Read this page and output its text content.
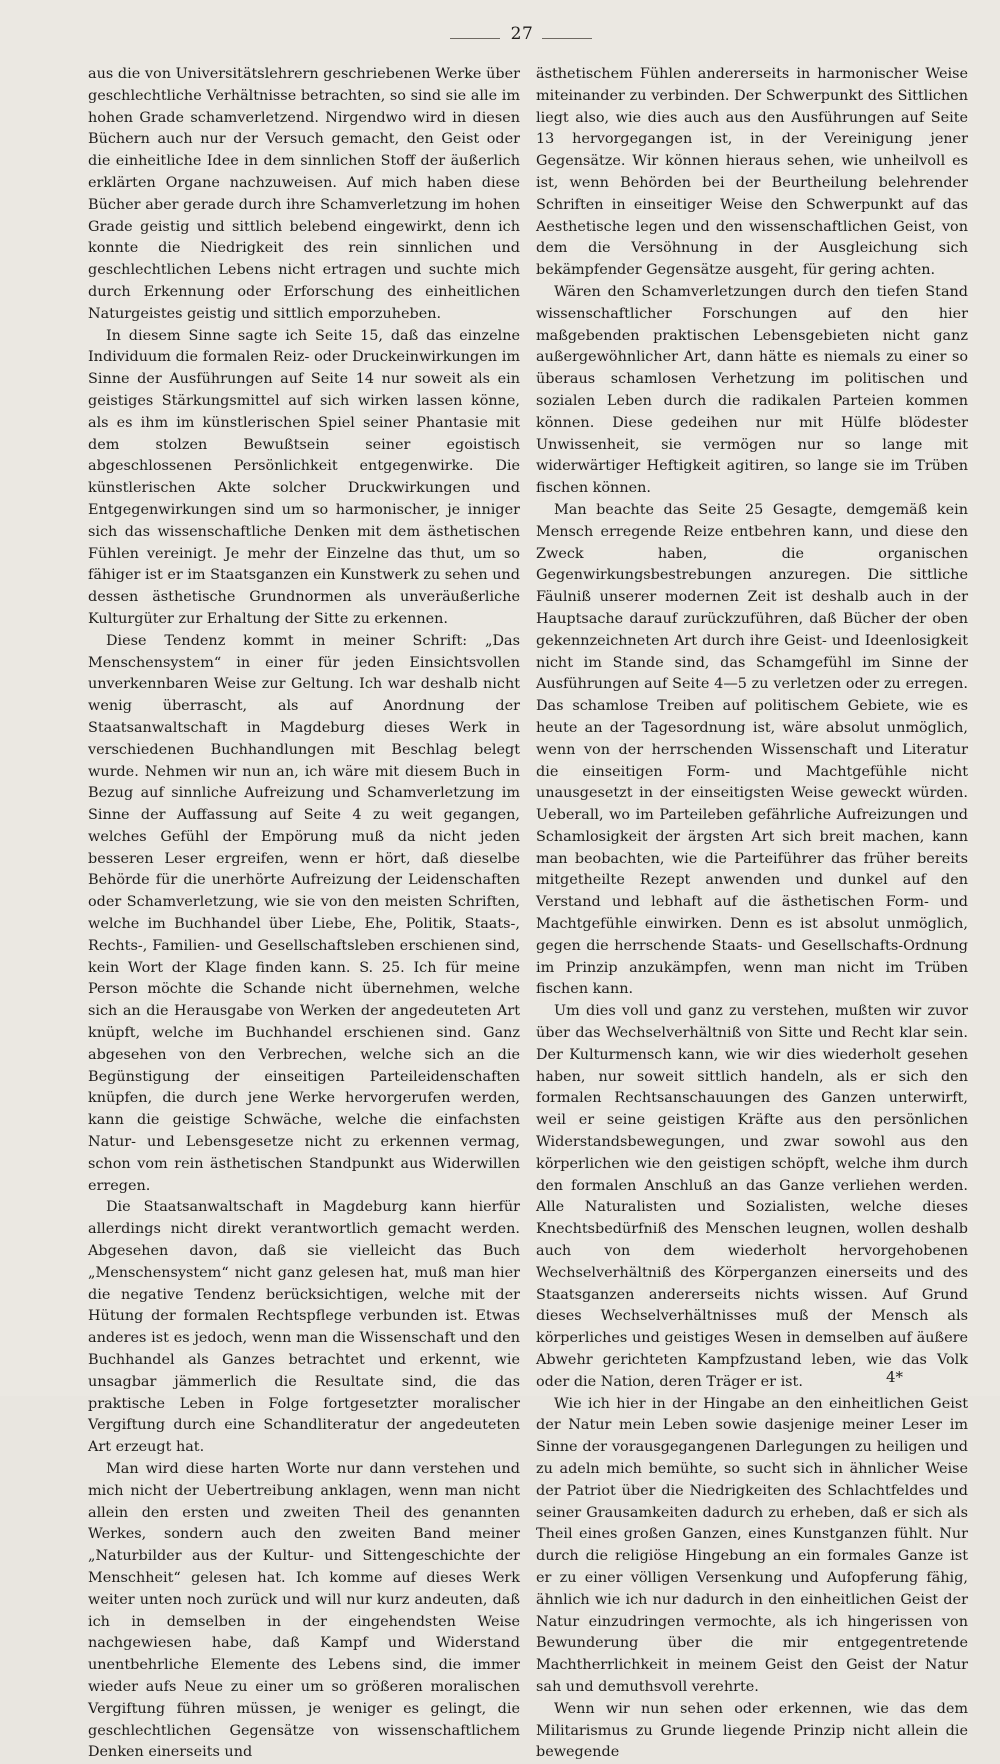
27

aus die von Universitätslehrern geschriebenen Werke über geschlechtliche Verhältnisse betrachten, so sind sie alle im hohen Grade schamverletzend. Nirgendwo wird in diesen Büchern auch nur der Versuch gemacht, den Geist oder die einheitliche Idee in dem sinnlichen Stoff der äußerlich erklärten Organe nachzuweisen. Auf mich haben diese Bücher aber gerade durch ihre Schamverletzung im hohen Grade geistig und sittlich belebend eingewirkt, denn ich konnte die Niedrigkeit des rein sinnlichen und geschlechtlichen Lebens nicht ertragen und suchte mich durch Erkennung oder Erforschung des einheitlichen Naturgeistes geistig und sittlich emporzuheben.

In diesem Sinne sagte ich Seite 15, daß das einzelne Individuum die formalen Reiz- oder Druckeinwirkungen im Sinne der Ausführungen auf Seite 14 nur soweit als ein geistiges Stärkungsmittel auf sich wirken lassen könne, als es ihm im künstlerischen Spiel seiner Phantasie mit dem stolzen Bewußtsein seiner egoistisch abgeschlossenen Persönlichkeit entgegenwirke. Die künstlerischen Akte solcher Druckwirkungen und Entgegenwirkungen sind um so harmonischer, je inniger sich das wissenschaftliche Denken mit dem ästhetischen Fühlen vereinigt. Je mehr der Einzelne das thut, um so fähiger ist er im Staatsganzen ein Kunstwerk zu sehen und dessen ästhetische Grundnormen als unveräußerliche Kulturgüter zur Erhaltung der Sitte zu erkennen.

Diese Tendenz kommt in meiner Schrift: „Das Menschensystem“ in einer für jeden Einsichtsvollen unverkennbaren Weise zur Geltung. Ich war deshalb nicht wenig überrascht, als auf Anordnung der Staatsanwaltschaft in Magdeburg dieses Werk in verschiedenen Buchhandlungen mit Beschlag belegt wurde. Nehmen wir nun an, ich wäre mit diesem Buch in Bezug auf sinnliche Aufreizung und Schamverletzung im Sinne der Auffassung auf Seite 4 zu weit gegangen, welches Gefühl der Empörung muß da nicht jeden besseren Leser ergreifen, wenn er hört, daß dieselbe Behörde für die unerhörte Aufreizung der Leidenschaften oder Schamverletzung, wie sie von den meisten Schriften, welche im Buchhandel über Liebe, Ehe, Politik, Staats-, Rechts-, Familien- und Gesellschaftsleben erschienen sind, kein Wort der Klage finden kann. S. 25. Ich für meine Person möchte die Schande nicht übernehmen, welche sich an die Herausgabe von Werken der angedeuteten Art knüpft, welche im Buchhandel erschienen sind. Ganz abgesehen von den Verbrechen, welche sich an die Begünstigung der einseitigen Parteileidenschaften knüpfen, die durch jene Werke hervorgerufen werden, kann die geistige Schwäche, welche die einfachsten Natur- und Lebensgesetze nicht zu erkennen vermag, schon vom rein ästhetischen Standpunkt aus Widerwillen erregen.

Die Staatsanwaltschaft in Magdeburg kann hierfür allerdings nicht direkt verantwortlich gemacht werden. Abgesehen davon, daß sie vielleicht das Buch „Menschensystem“ nicht ganz gelesen hat, muß man hier die negative Tendenz berücksichtigen, welche mit der Hütung der formalen Rechtspflege verbunden ist. Etwas anderes ist es jedoch, wenn man die Wissenschaft und den Buchhandel als Ganzes betrachtet und erkennt, wie unsagbar jämmerlich die Resultate sind, die das praktische Leben in Folge fortgesetzter moralischer Vergiftung durch eine Schandliteratur der angedeuteten Art erzeugt hat.

Man wird diese harten Worte nur dann verstehen und mich nicht der Uebertreibung anklagen, wenn man nicht allein den ersten und zweiten Theil des genannten Werkes, sondern auch den zweiten Band meiner „Naturbilder aus der Kultur- und Sittengeschichte der Menschheit“ gelesen hat. Ich komme auf dieses Werk weiter unten noch zurück und will nur kurz andeuten, daß ich in demselben in der eingehendsten Weise nachgewiesen habe, daß Kampf und Widerstand unentbehrliche Elemente des Lebens sind, die immer wieder aufs Neue zu einer um so größeren moralischen Vergiftung führen müssen, je weniger es gelingt, die geschlechtlichen Gegensätze von wissenschaftlichem Denken einerseits und

ästhetischem Fühlen andererseits in harmonischer Weise miteinander zu verbinden. Der Schwerpunkt des Sittlichen liegt also, wie dies auch aus den Ausführungen auf Seite 13 hervorgegangen ist, in der Vereinigung jener Gegensätze. Wir können hieraus sehen, wie unheilvoll es ist, wenn Behörden bei der Beurtheilung belehrender Schriften in einseitiger Weise den Schwerpunkt auf das Aesthetische legen und den wissenschaftlichen Geist, von dem die Versöhnung in der Ausgleichung sich bekämpfender Gegensätze ausgeht, für gering achten.

Wären den Schamverletzungen durch den tiefen Stand wissenschaftlicher Forschungen auf den hier maßgebenden praktischen Lebensgebieten nicht ganz außergewöhnlicher Art, dann hätte es niemals zu einer so überaus schamlosen Verhetzung im politischen und sozialen Leben durch die radikalen Parteien kommen können. Diese gedeihen nur mit Hülfe blödester Unwissenheit, sie vermögen nur so lange mit widerwärtiger Heftigkeit agitiren, so lange sie im Trüben fischen können.

Man beachte das Seite 25 Gesagte, demgemäß kein Mensch erregende Reize entbehren kann, und diese den Zweck haben, die organischen Gegenwirkungsbestrebungen anzuregen. Die sittliche Fäulniß unserer modernen Zeit ist deshalb auch in der Hauptsache darauf zurückzuführen, daß Bücher der oben gekennzeichneten Art durch ihre Geist- und Ideenlosigkeit nicht im Stande sind, das Schamgefühl im Sinne der Ausführungen auf Seite 4—5 zu verletzen oder zu erregen. Das schamlose Treiben auf politischem Gebiete, wie es heute an der Tagesordnung ist, wäre absolut unmöglich, wenn von der herrschenden Wissenschaft und Literatur die einseitigen Form- und Machtgefühle nicht unausgesetzt in der einseitigsten Weise geweckt würden. Ueberall, wo im Parteileben gefährliche Aufreizungen und Schamlosigkeit der ärgsten Art sich breit machen, kann man beobachten, wie die Parteiführer das früher bereits mitgetheilte Rezept anwenden und dunkel auf den Verstand und lebhaft auf die ästhetischen Form- und Machtgefühle einwirken. Denn es ist absolut unmöglich, gegen die herrschende Staats- und Gesellschafts-Ordnung im Prinzip anzukämpfen, wenn man nicht im Trüben fischen kann.

Um dies voll und ganz zu verstehen, mußten wir zuvor über das Wechselverhältniß von Sitte und Recht klar sein. Der Kulturmensch kann, wie wir dies wiederholt gesehen haben, nur soweit sittlich handeln, als er sich den formalen Rechtsanschauungen des Ganzen unterwirft, weil er seine geistigen Kräfte aus den persönlichen Widerstandsbewegungen, und zwar sowohl aus den körperlichen wie den geistigen schöpft, welche ihm durch den formalen Anschluß an das Ganze verliehen werden. Alle Naturalisten und Sozialisten, welche dieses Knechtsbedürfniß des Menschen leugnen, wollen deshalb auch von dem wiederholt hervorgehobenen Wechselverhältniß des Körperganzen einerseits und des Staatsganzen andererseits nichts wissen. Auf Grund dieses Wechselverhältnisses muß der Mensch als körperliches und geistiges Wesen in demselben auf äußere Abwehr gerichteten Kampfzustand leben, wie das Volk oder die Nation, deren Träger er ist.

Wie ich hier in der Hingabe an den einheitlichen Geist der Natur mein Leben sowie dasjenige meiner Leser im Sinne der vorausgegangenen Darlegungen zu heiligen und zu adeln mich bemühte, so sucht sich in ähnlicher Weise der Patriot über die Niedrigkeiten des Schlachtfeldes und seiner Grausamkeiten dadurch zu erheben, daß er sich als Theil eines großen Ganzen, eines Kunstganzen fühlt. Nur durch die religiöse Hingebung an ein formales Ganze ist er zu einer völligen Versenkung und Aufopferung fähig, ähnlich wie ich nur dadurch in den einheitlichen Geist der Natur einzudringen vermochte, als ich hingerissen von Bewunderung über die mir entgegentretende Machtherrlichkeit in meinem Geist den Geist der Natur sah und demuthsvoll verehrte.

Wenn wir nun sehen oder erkennen, wie das dem Militarismus zu Grunde liegende Prinzip nicht allein die bewegende

4*
